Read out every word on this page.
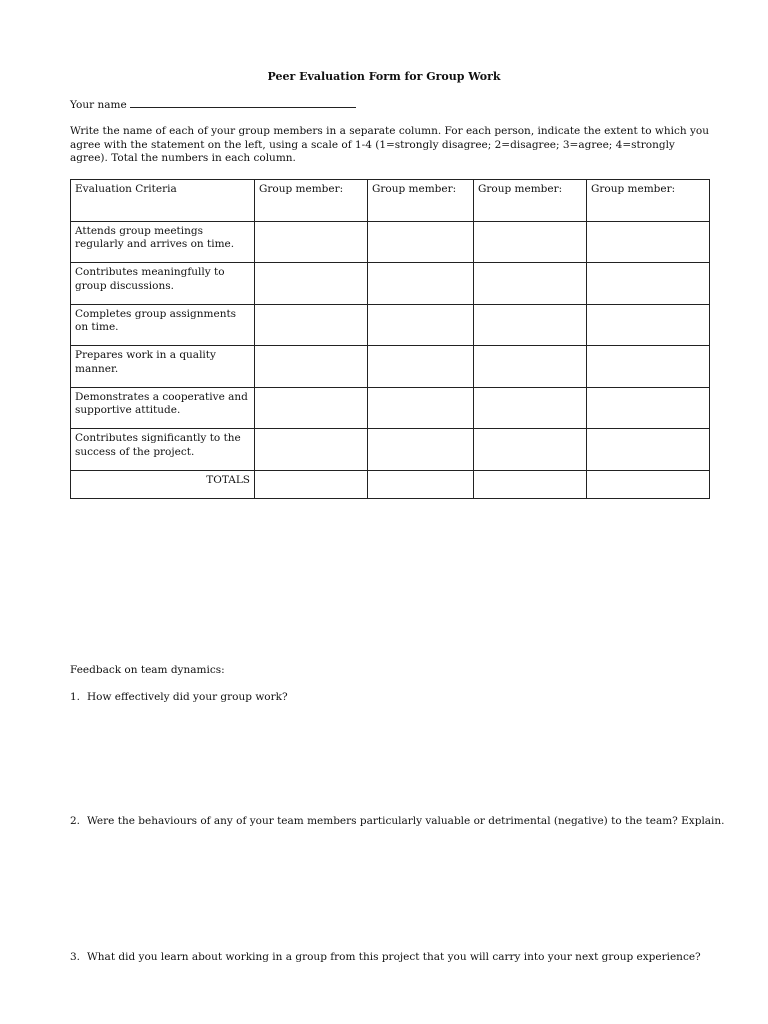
Peer Evaluation Form for Group Work
Your name
Write the name of each of your group members in a separate column. For each person, indicate the extent to which you agree with the statement on the left, using a scale of 1-4 (1=strongly disagree; 2=disagree; 3=agree; 4=strongly agree). Total the numbers in each column.
Evaluation Criteria	Group member:	Group member:	Group member:	Group member:
Attends group meetings regularly and arrives on time.				
Contributes meaningfully to group discussions.				
Completes group assignments on time.				
Prepares work in a quality manner.				
Demonstrates a cooperative and supportive attitude.				
Contributes significantly to the success of the project.				
TOTALS				
Feedback on team dynamics:
1. How effectively did your group work?
2. Were the behaviours of any of your team members particularly valuable or detrimental (negative) to the team? Explain.
3. What did you learn about working in a group from this project that you will carry into your next group experience?
